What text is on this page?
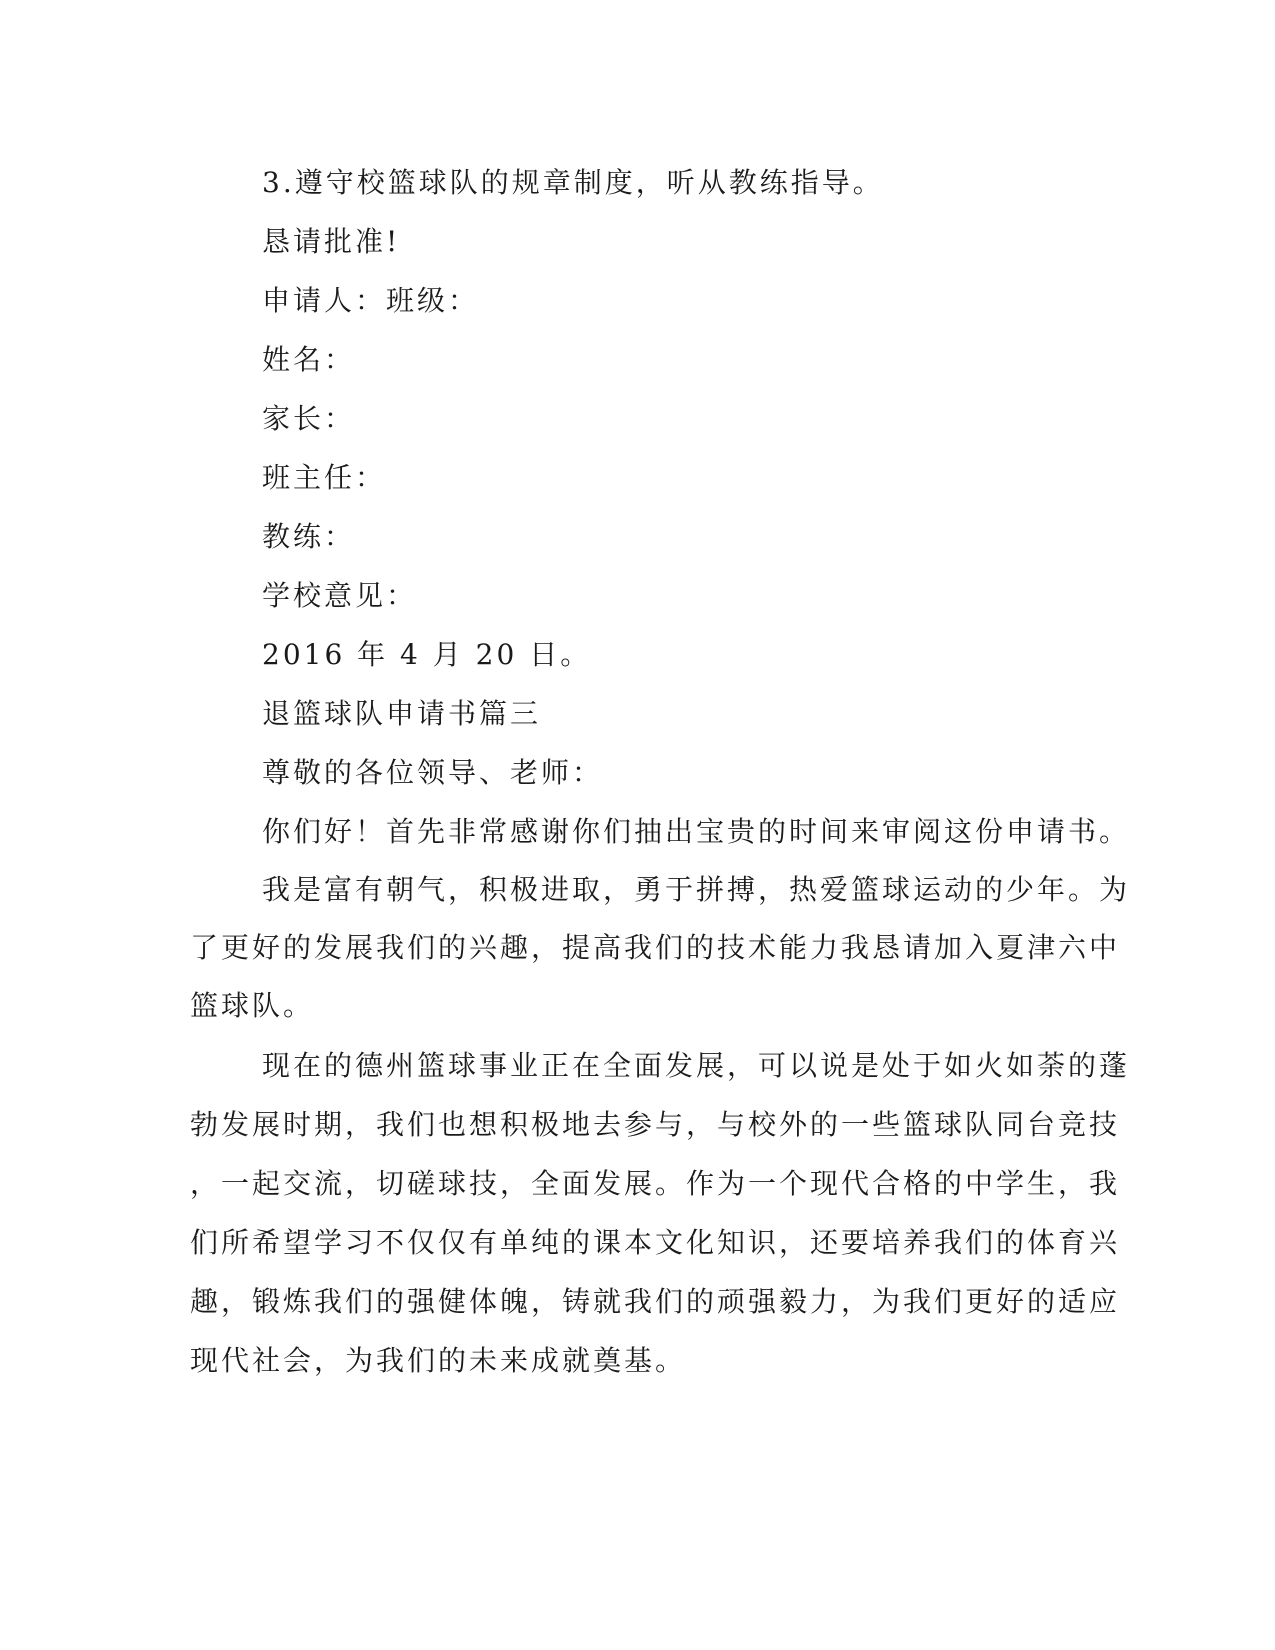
3.遵守校篮球队的规章制度，听从教练指导。
恳请批准!
申请人：班级：
姓名：
家长：
班主任：
教练：
学校意见：
2016 年 4 月 20 日。
退篮球队申请书篇三
尊敬的各位领导、老师：
你们好！首先非常感谢你们抽出宝贵的时间来审阅这份申请书。
我是富有朝气，积极进取，勇于拼搏，热爱篮球运动的少年。为
了更好的发展我们的兴趣，提高我们的技术能力我恳请加入夏津六中
篮球队。
现在的德州篮球事业正在全面发展，可以说是处于如火如荼的蓬
勃发展时期，我们也想积极地去参与，与校外的一些篮球队同台竞技
，一起交流，切磋球技，全面发展。作为一个现代合格的中学生，我
们所希望学习不仅仅有单纯的课本文化知识，还要培养我们的体育兴
趣，锻炼我们的强健体魄，铸就我们的顽强毅力，为我们更好的适应
现代社会，为我们的未来成就奠基。
